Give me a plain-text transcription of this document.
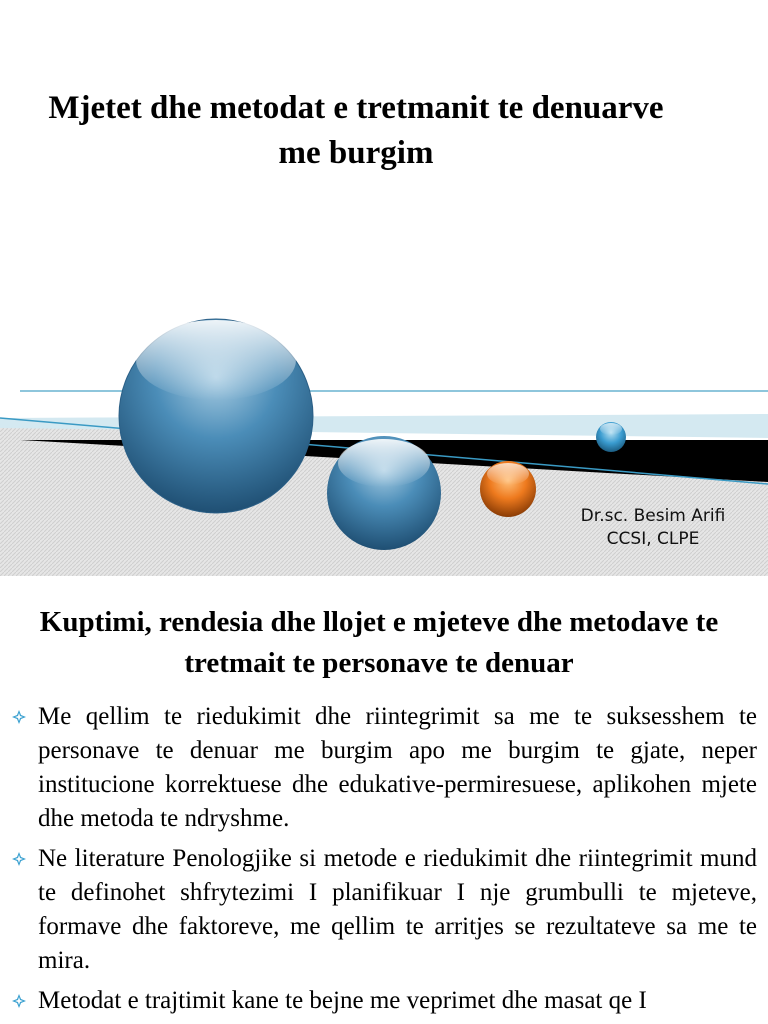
Mjetet dhe metodat e tretmanit te denuarve me burgim
Dr.sc. Besim Arifi
CCSI, CLPE
Kuptimi, rendesia dhe llojet e mjeteve dhe metodave te tretmait te personave te denuar
Me qellim te riedukimit dhe riintegrimit sa me te suksesshem te personave te denuar me burgim apo me burgim te gjate, neper institucione korrektuese dhe edukative-permiresuese, aplikohen mjete dhe metoda te ndryshme.
Ne literature Penologjike si metode e riedukimit dhe riintegrimit mund te definohet shfrytezimi I planifikuar I nje grumbulli te mjeteve, formave dhe faktoreve, me qellim te arritjes se rezultateve sa me te mira.
Metodat e trajtimit kane te bejne me veprimet dhe masat qe I
